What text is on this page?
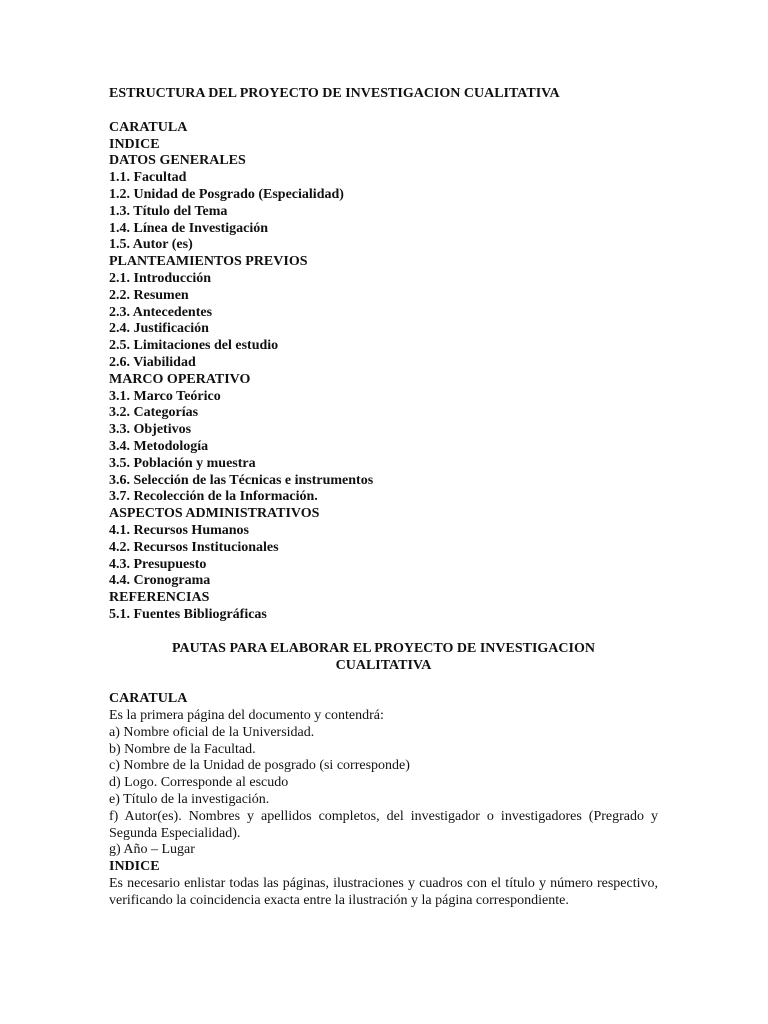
ESTRUCTURA DEL PROYECTO DE INVESTIGACION CUALITATIVA
CARATULA
INDICE
DATOS GENERALES
1.1. Facultad
1.2. Unidad de Posgrado (Especialidad)
1.3. Título del Tema
1.4. Línea de Investigación
1.5. Autor (es)
PLANTEAMIENTOS PREVIOS
2.1. Introducción
2.2. Resumen
2.3. Antecedentes
2.4. Justificación
2.5. Limitaciones del estudio
2.6. Viabilidad
MARCO OPERATIVO
3.1. Marco Teórico
3.2. Categorías
3.3. Objetivos
3.4. Metodología
3.5. Población y muestra
3.6. Selección de las Técnicas e instrumentos
3.7. Recolección de la Información.
ASPECTOS ADMINISTRATIVOS
4.1. Recursos Humanos
4.2. Recursos Institucionales
4.3. Presupuesto
4.4. Cronograma
REFERENCIAS
5.1. Fuentes Bibliográficas
PAUTAS PARA ELABORAR EL PROYECTO DE INVESTIGACION
CUALITATIVA
CARATULA
Es la primera página del documento y contendrá:
a) Nombre oficial de la Universidad.
b) Nombre de la Facultad.
c) Nombre de la Unidad de posgrado (si corresponde)
d) Logo. Corresponde al escudo
e) Título de la investigación.
f) Autor(es). Nombres y apellidos completos, del investigador o investigadores (Pregrado y Segunda Especialidad).
g) Año – Lugar
INDICE
Es necesario enlistar todas las páginas, ilustraciones y cuadros con el título y número respectivo, verificando la coincidencia exacta entre la ilustración y la página correspondiente.
